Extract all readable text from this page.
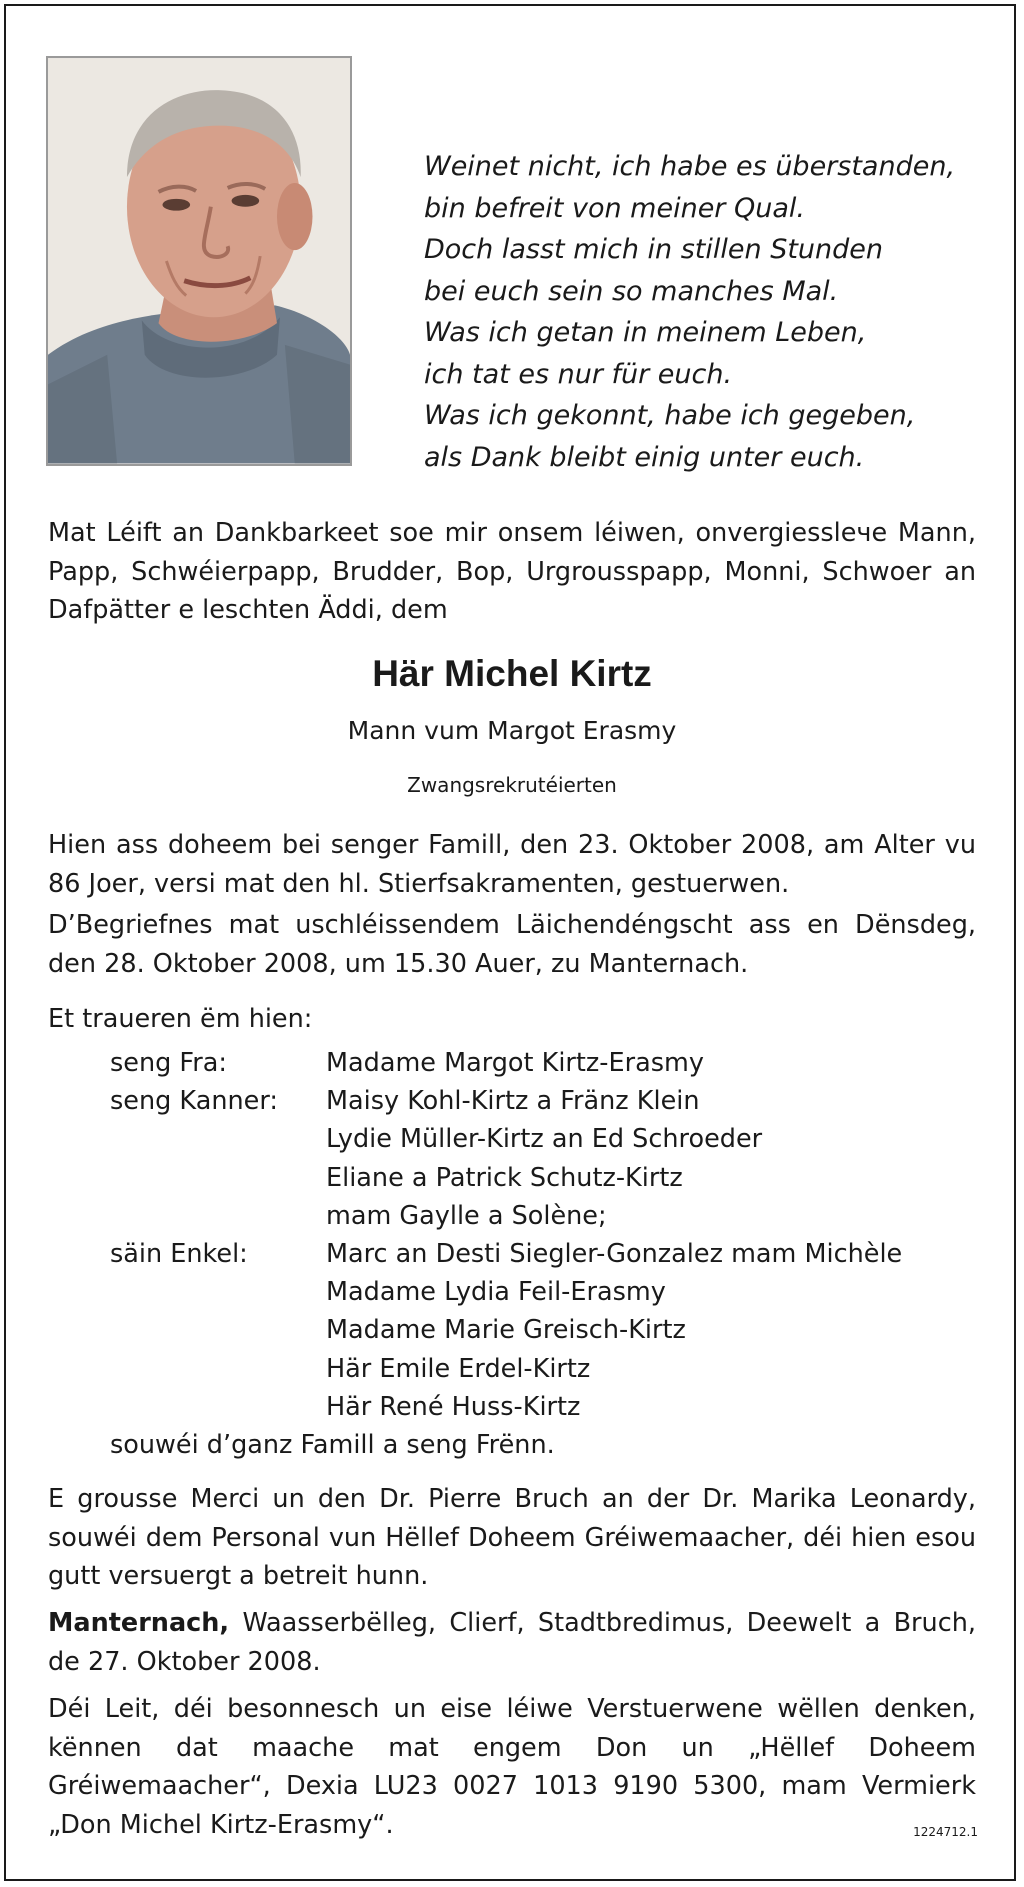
Weinet nicht, ich habe es überstanden,
bin befreit von meiner Qual.
Doch lasst mich in stillen Stunden
bei euch sein so manches Mal.
Was ich getan in meinem Leben,
ich tat es nur für euch.
Was ich gekonnt, habe ich gegeben,
als Dank bleibt einig unter euch.

Mat Léift an Dankbarkeet soe mir onsem léiwen, onvergiesslече Mann, Papp, Schwéierpapp, Brudder, Bop, Urgrousspapp, Monni, Schwoer an Dafpätter e leschten Äddi, dem

Här Michel Kirtz
Mann vum Margot Erasmy
Zwangsrekrutéierten

Hien ass doheem bei senger Famill, den 23. Oktober 2008, am Alter vu 86 Joer, versi mat den hl. Stierfsakramenten, gestuerwen.

D’Begriefnes mat uschléissendem Läichendéngscht ass en Dënsdeg, den 28. Oktober 2008, um 15.30 Auer, zu Manternach.

Et traueren ëm hien:

seng Fra:	Madame Margot Kirtz-Erasmy
seng Kanner: Maisy Kohl-Kirtz a Fränz Klein
Lydie Müller-Kirtz an Ed Schroeder
Eliane a Patrick Schutz-Kirtz
mam Gaylle a Solène;
säin Enkel:	Marc an Desti Siegler-Gonzalez mam Michèle
Madame Lydia Feil-Erasmy
Madame Marie Greisch-Kirtz
Här Emile Erdel-Kirtz
Här René Huss-Kirtz
souwéi d’ganz Famill a seng Frënn.

E grousse Merci un den Dr. Pierre Bruch an der Dr. Marika Leonardy, souwéi dem Personal vun Hëllef Doheem Gréiwemaacher, déi hien esou gutt versuergt a betreit hunn.

Manternach, Waasserbëlleg, Clierf, Stadtbredimus, Deewelt a Bruch, de 27. Oktober 2008.

Déi Leit, déi besonnesch un eise léiwe Verstuerwene wëllen denken, kënnen dat maache mat engem Don un „Hëllef Doheem Gréiwemaacher“, Dexia LU23 0027 1013 9190 5300, mam Vermierk „Don Michel Kirtz-Erasmy“.	1224712.1
